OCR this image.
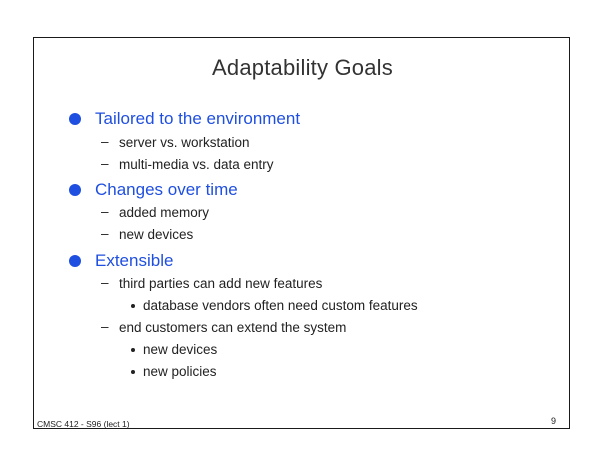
Adaptability Goals
Tailored to the environment
– server vs. workstation
– multi-media vs. data entry
Changes over time
– added memory
– new devices
Extensible
– third parties can add new features
database vendors often need custom features
– end customers can extend the system
new devices
new policies
CMSC 412 - S96 (lect 1)	9
